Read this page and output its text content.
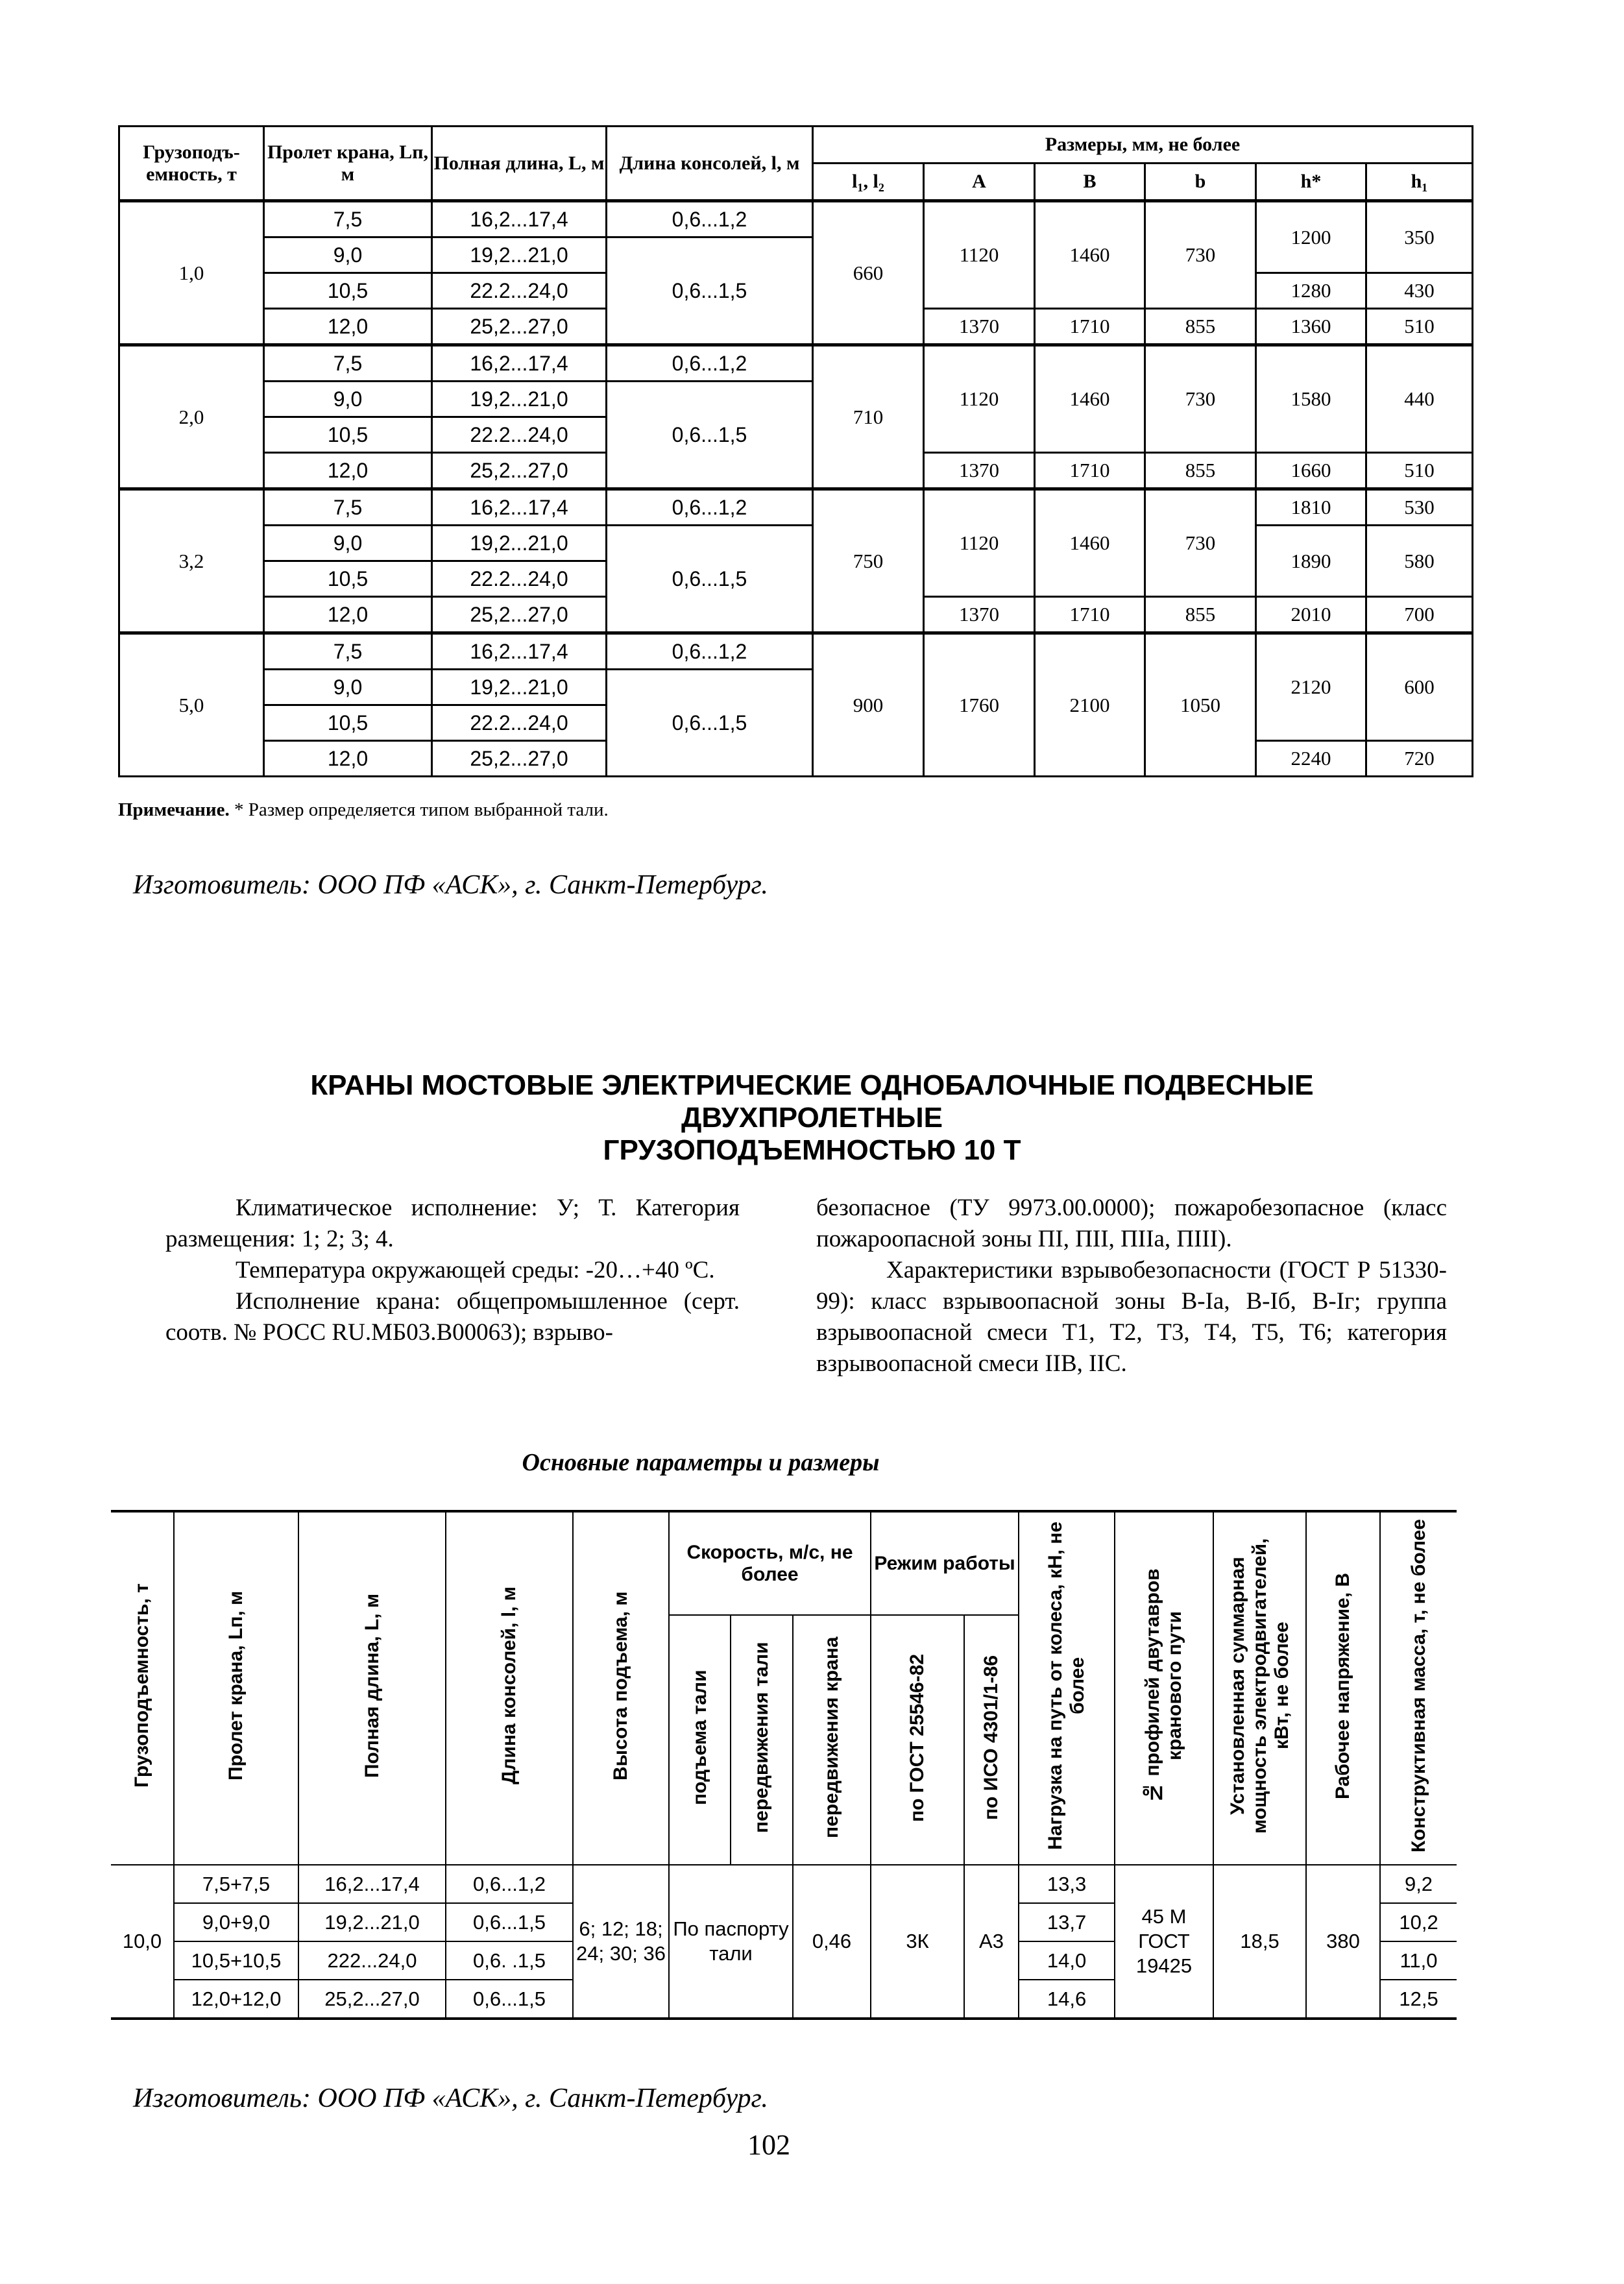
Грузоподъ-емность, т	Пролет крана, Lп, м	Полная длина, L, м	Длина консолей, l, м	Размеры, мм, не более					
				l₁, l₂	A	B	b	h*	h₁
1,0	7,5	16,2...17,4	0,6...1,2	660	1120	1460	730	1200	350
	9,0	19,2...21,0	0,6...1,5						
	10,5	22.2...24,0						1280	430
	12,0	25,2...27,0			1370	1710	855	1360	510
2,0	7,5	16,2...17,4	0,6...1,2	710	1120	1460	730	1580	440
	9,0	19,2...21,0	0,6...1,5						
	10,5	22.2...24,0							
	12,0	25,2...27,0			1370	1710	855	1660	510
3,2	7,5	16,2...17,4	0,6...1,2	750	1120	1460	730	1810	530
	9,0	19,2...21,0	0,6...1,5					1890	580
	10,5	22.2...24,0							
	12,0	25,2...27,0			1370	1710	855	2010	700
5,0	7,5	16,2...17,4	0,6...1,2	900	1760	2100	1050	2120	600
	9,0	19,2...21,0	0,6...1,5						
	10,5	22.2...24,0							
	12,0	25,2...27,0						2240	720
Примечание. * Размер определяется типом выбранной тали.
Изготовитель: ООО ПФ «АСК», г. Санкт-Петербург.
КРАНЫ МОСТОВЫЕ ЭЛЕКТРИЧЕСКИЕ ОДНОБАЛОЧНЫЕ ПОДВЕСНЫЕ
ДВУХПРОЛЕТНЫЕ
ГРУЗОПОДЪЕМНОСТЬЮ 10 Т

Климатическое исполнение: У; Т. Категория размещения: 1; 2; 3; 4.

Температура окружающей среды: -20…+40 ºС.

Исполнение крана: общепромышленное (серт. соотв. № РОСС RU.МБ03.В00063); взрыво-

безопасное (ТУ 9973.00.0000); пожаробезопасное (класс пожароопасной зоны ПI, ПII, ПIIа, ПIII).

Характеристики взрывобезопасности (ГОСТ Р 51330-99): класс взрывоопасной зоны В-Iа, В-Iб, В-Iг; группа взрывоопасной смеси Т1, Т2, Т3, Т4, Т5, Т6; категория взрывоопасной смеси IIВ, IIС.

Основные параметры и размеры
Грузоподъемность, т	Пролет крана, Lп, м	Полная длина, L, м	Длина консолей, l, м	Высота подъема, м	Скорость, м/с, не более			Режим работы		Нагрузка на путь от колеса, кН, не более	№ профилей двутавров кранового пути	Установленная суммарная мощность электродвигателей, кВт, не более	Рабочее напряжение, В	Конструктивная масса, т, не более
					подъема тали	передвижения тали	передвижения крана	по ГОСТ 25546-82	по ИСО 4301/1-86					
10,0	7,5+7,5	16,2...17,4	0,6...1,2	6; 12; 18; 24; 30; 36	По паспорту тали		0,46	3К	А3	13,3	45 М ГОСТ 19425	18,5	380	9,2
	9,0+9,0	19,2...21,0	0,6...1,5							13,7				10,2
	10,5+10,5	222...24,0	0,6. .1,5							14,0				11,0
	12,0+12,0	25,2...27,0	0,6...1,5							14,6				12,5
Изготовитель: ООО ПФ «АСК», г. Санкт-Петербург.
102
